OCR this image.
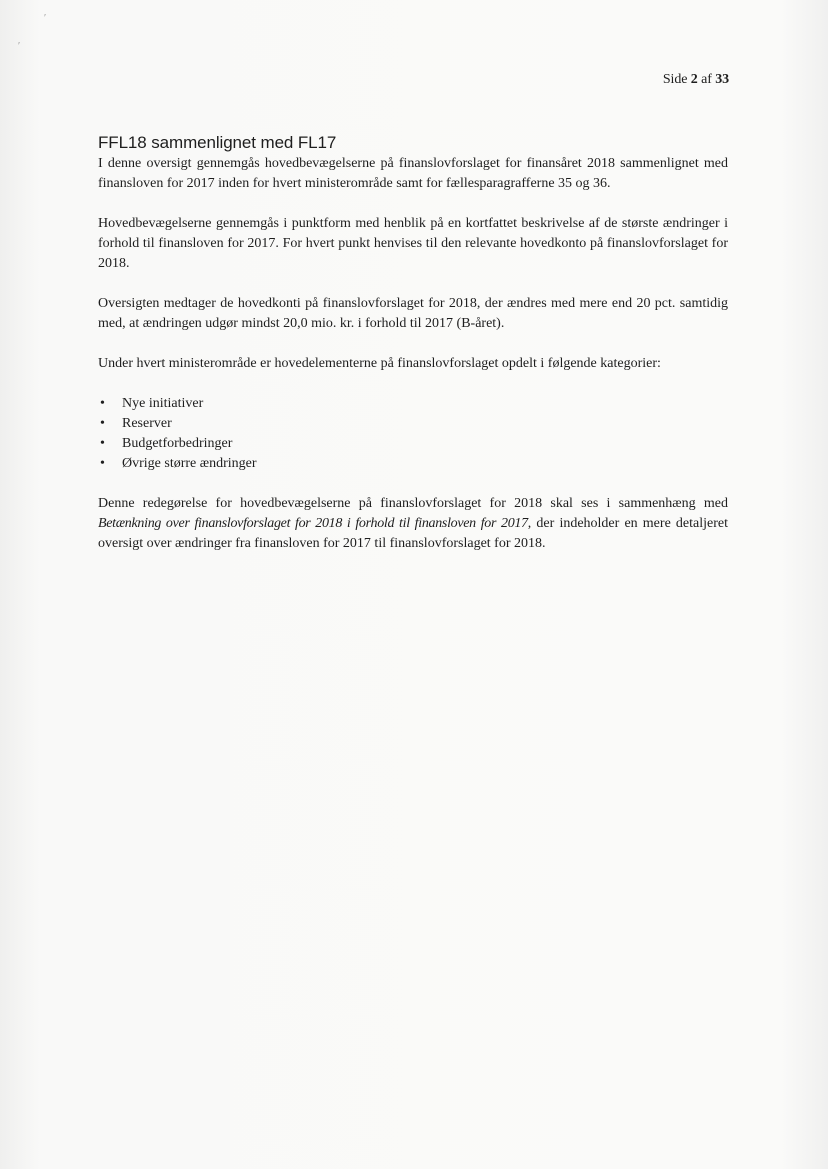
ʹ
ʹ
Side 2 af 33
FFL18 sammenlignet med FL17

I denne oversigt gennemgås hovedbevægelserne på finanslovforslaget for finansåret 2018 sammenlignet med finansloven for 2017 inden for hvert ministerområde samt for fællesparagrafferne 35 og 36.

Hovedbevægelserne gennemgås i punktform med henblik på en kortfattet beskrivelse af de største ændringer i forhold til finansloven for 2017. For hvert punkt henvises til den relevante hovedkonto på finanslovforslaget for 2018.

Oversigten medtager de hovedkonti på finanslovforslaget for 2018, der ændres med mere end 20 pct. samtidig med, at ændringen udgør mindst 20,0 mio. kr. i forhold til 2017 (B-året).

Under hvert ministerområde er hovedelementerne på finanslovforslaget opdelt i følgende kategorier:

• Nye initiativer
• Reserver
• Budgetforbedringer
• Øvrige større ændringer

Denne redegørelse for hovedbevægelserne på finanslovforslaget for 2018 skal ses i sammenhæng med Betænkning over finanslovforslaget for 2018 i forhold til finansloven for 2017, der indeholder en mere detaljeret oversigt over ændringer fra finansloven for 2017 til finanslovforslaget for 2018.
